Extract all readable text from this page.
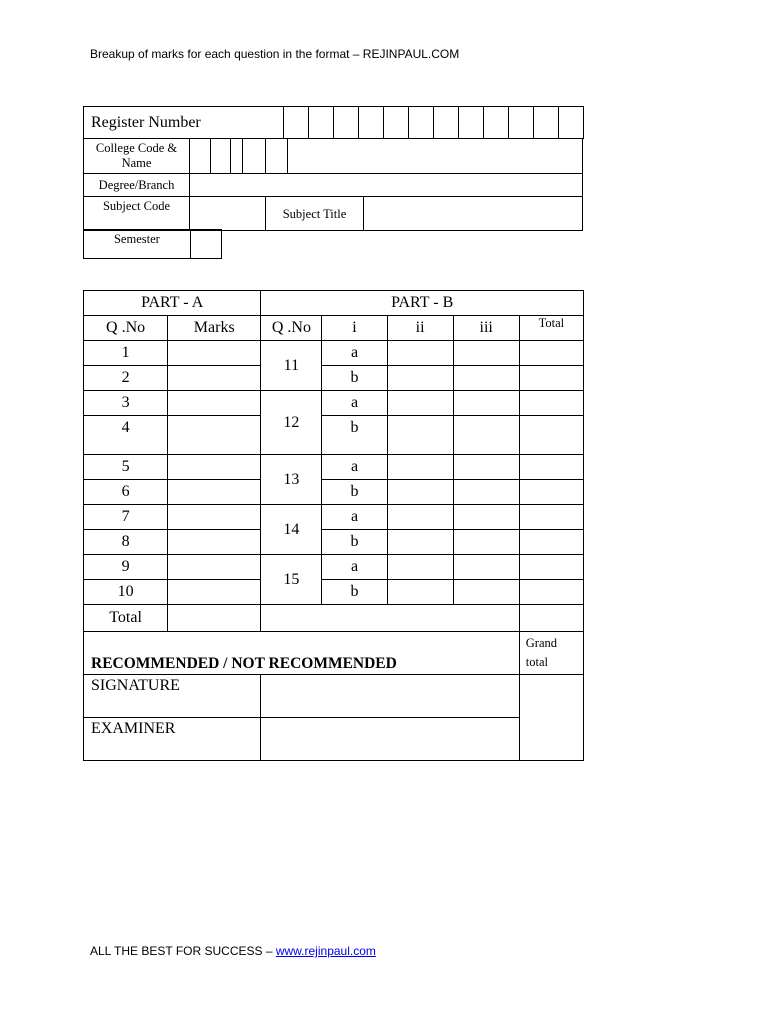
Breakup of marks for each question in the format – REJINPAUL.COM
Register Number												
College Code & Name							
Degree/Branch							
Subject Code					Subject Title		
Semester	
PART - A		PART - B				
Q .No	Marks	Q .No	i	ii	iii	Total
1		11	a			
2			b			
3		12	a			
4			b			
5		13	a			
6			b			
7		14	a			
8			b			
9		15	a			
10			b			
Total						
RECOMMENDED / NOT RECOMMENDED						Grand total
SIGNATURE						
EXAMINER						
ALL THE BEST FOR SUCCESS – www.rejinpaul.com
